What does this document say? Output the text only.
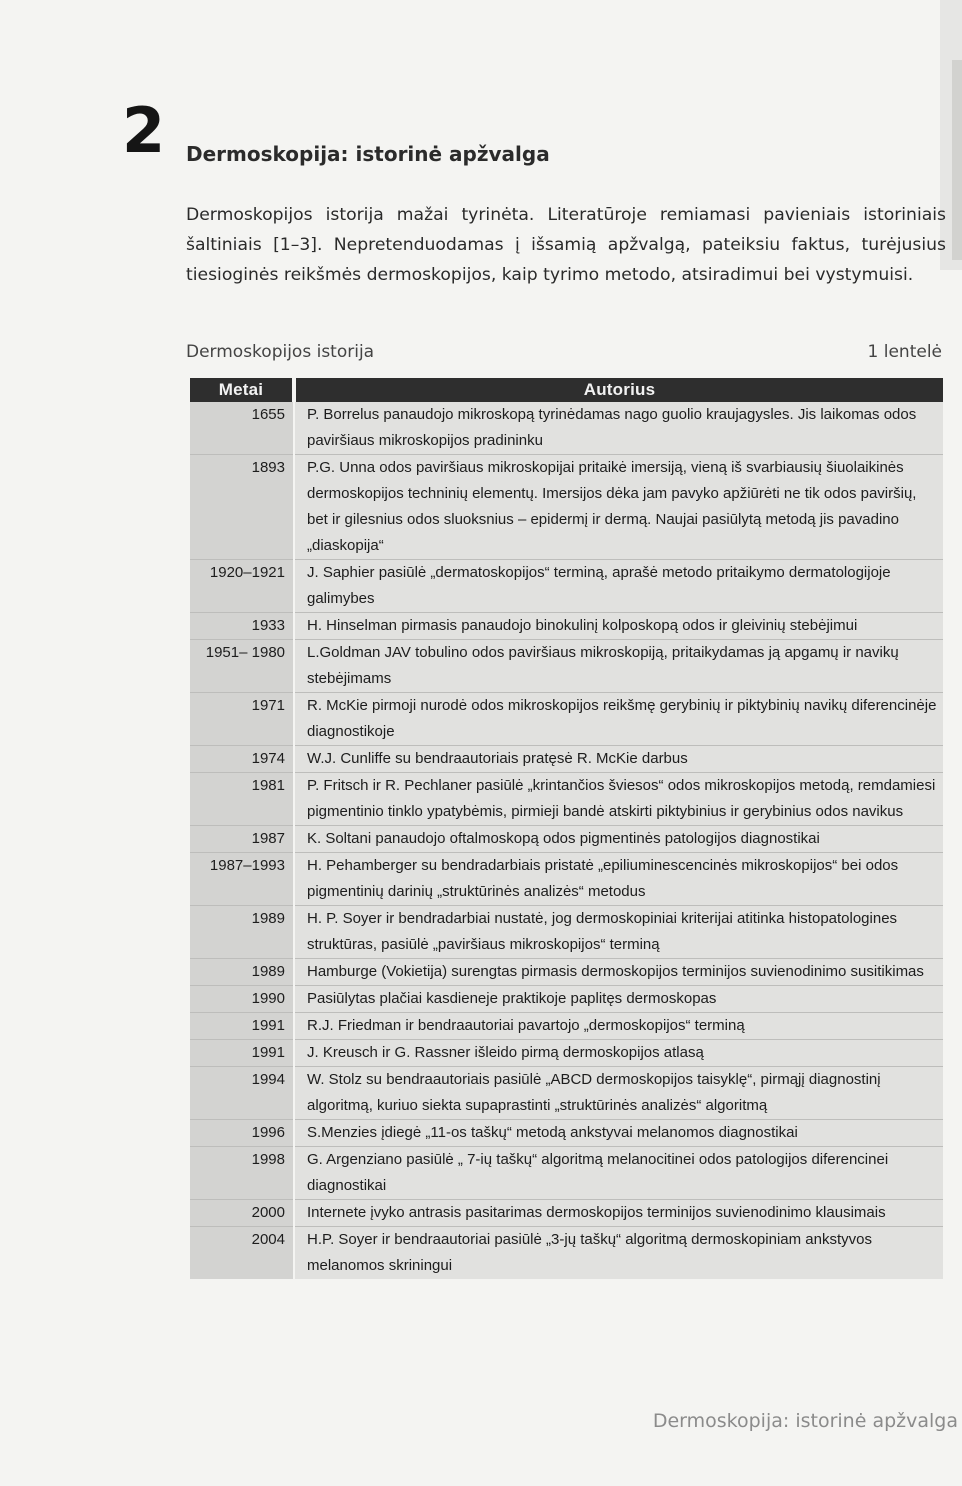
2 Dermoskopija: istorinė apžvalga

Dermoskopijos istorija mažai tyrinėta. Literatūroje remiamasi pavieniais istoriniais šaltiniais [1–3]. Nepretenduodamas į išsamią apžvalgą, pateiksiu faktus, turėjusius tiesioginės reikšmės dermoskopijos, kaip tyrimo metodo, atsiradimui bei vystymuisi.

Dermoskopijos istorija	1 lentelė
Metai	Autorius
1655	P. Borrelus panaudojo mikroskopą tyrinėdamas nago guolio kraujagysles. Jis laikomas odos paviršiaus mikroskopijos pradininku
1893	P.G. Unna odos paviršiaus mikroskopijai pritaikė imersiją, vieną iš svarbiausių šiuolaikinės dermoskopijos techninių elementų. Imersijos dėka jam pavyko apžiūrėti ne tik odos paviršių, bet ir gilesnius odos sluoksnius – epidermį ir dermą. Naujai pasiūlytą metodą jis pavadino „diaskopija“
1920–1921	J. Saphier pasiūlė „dermatoskopijos“ terminą, aprašė metodo pritaikymo dermatologijoje galimybes
1933	H. Hinselman pirmasis panaudojo binokulinį kolposkopą odos ir gleivinių stebėjimui
1951– 1980	L.Goldman JAV tobulino odos paviršiaus mikroskopiją, pritaikydamas ją apgamų ir navikų stebėjimams
1971	R. McKie pirmoji nurodė odos mikroskopijos reikšmę gerybinių ir piktybinių navikų diferencinėje diagnostikoje
1974	W.J. Cunliffe su bendraautoriais pratęsė R. McKie darbus
1981	P. Fritsch ir R. Pechlaner pasiūlė „krintančios šviesos“ odos mikroskopijos metodą, remdamiesi pigmentinio tinklo ypatybėmis, pirmieji bandė atskirti piktybinius ir gerybinius odos navikus
1987	K. Soltani panaudojo oftalmoskopą odos pigmentinės patologijos diagnostikai
1987–1993	H. Pehamberger su bendradarbiais pristatė „epiliuminescencinės mikroskopijos“ bei odos pigmentinių darinių „struktūrinės analizės“ metodus
1989	H. P. Soyer ir bendradarbiai nustatė, jog dermoskopiniai kriterijai atitinka histopatologines struktūras, pasiūlė „paviršiaus mikroskopijos“ terminą
1989	Hamburge (Vokietija) surengtas pirmasis dermoskopijos terminijos suvienodinimo susitikimas
1990	Pasiūlytas plačiai kasdieneje praktikoje paplitęs dermoskopas
1991	R.J. Friedman ir bendraautoriai pavartojo „dermoskopijos“ terminą
1991	J. Kreusch ir G. Rassner išleido pirmą dermoskopijos atlasą
1994	W. Stolz su bendraautoriais pasiūlė „ABCD dermoskopijos taisyklę“, pirmąjį diagnostinį algoritmą, kuriuo siekta supaprastinti „struktūrinės analizės“ algoritmą
1996	S.Menzies įdiegė „11-os taškų“ metodą ankstyvai melanomos diagnostikai
1998	G. Argenziano pasiūlė „ 7-ių taškų“ algoritmą melanocitinei odos patologijos diferencinei diagnostikai
2000	Internete įvyko antrasis pasitarimas dermoskopijos terminijos suvienodinimo klausimais
2004	H.P. Soyer ir bendraautoriai pasiūlė „3-jų taškų“ algoritmą dermoskopiniam ankstyvos melanomos skriningui
Dermoskopija: istorinė apžvalga
